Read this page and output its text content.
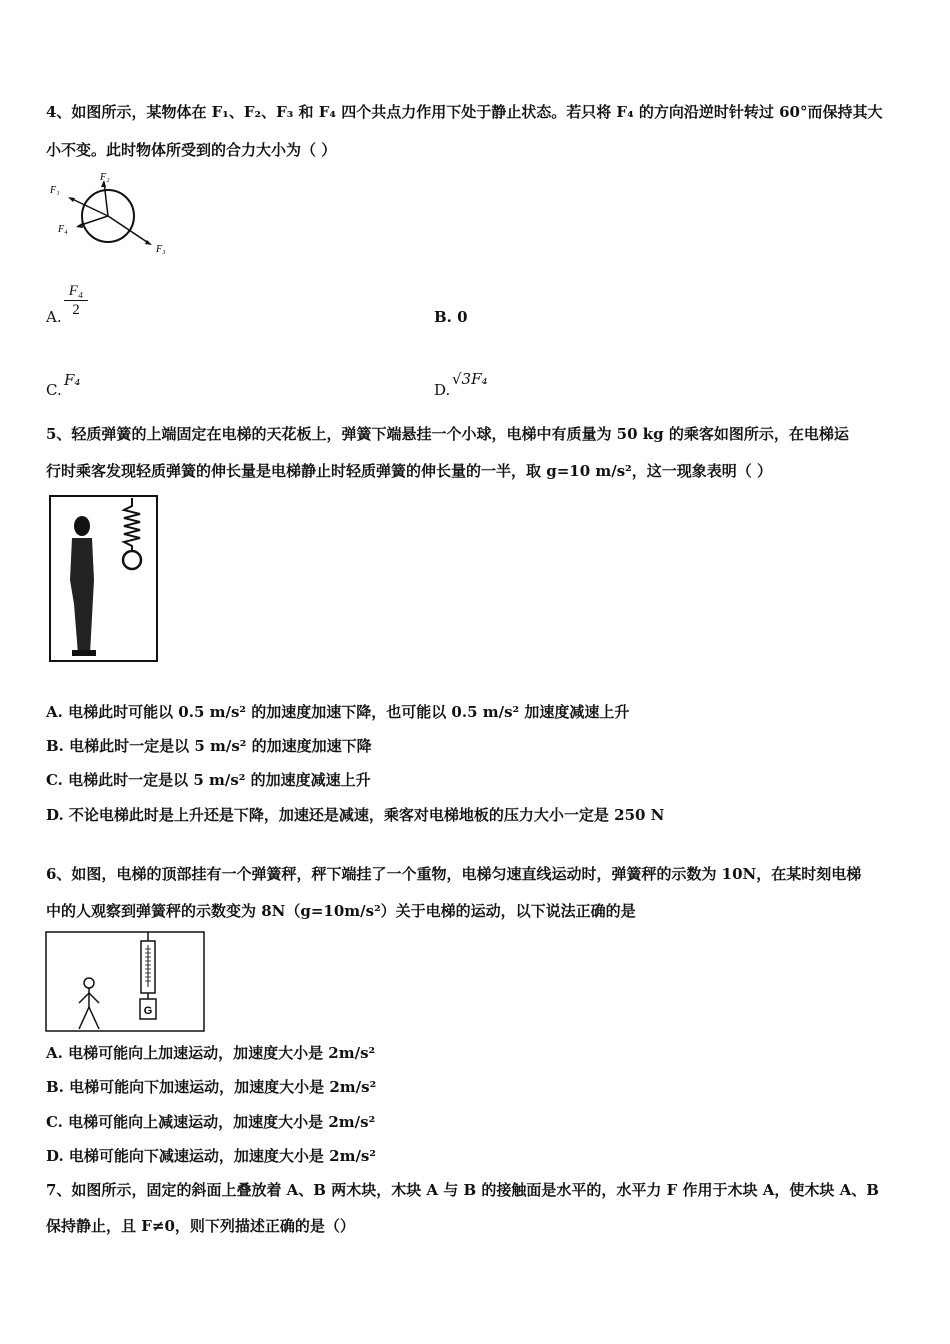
4、如图所示，某物体在 F₁、F₂、F₃ 和 F₄ 四个共点力作用下处于静止状态。若只将 F₄ 的方向沿逆时针转过 60°而保持其大
小不变。此时物体所受到的合力大小为（ ）
F₁
F₂
F₄
F₃
A. $\frac{\text{F₄}}{2}$	B. 0
C.
F₄
D.
√3F₄
5、轻质弹簧的上端固定在电梯的天花板上，弹簧下端悬挂一个小球，电梯中有质量为 50 kg 的乘客如图所示，在电梯运
行时乘客发现轻质弹簧的伸长量是电梯静止时轻质弹簧的伸长量的一半，取 g=10 m/s²，这一现象表明（ ）
A. 电梯此时可能以 0.5 m/s² 的加速度加速下降，也可能以 0.5 m/s² 加速度减速上升
B. 电梯此时一定是以 5 m/s² 的加速度加速下降
C. 电梯此时一定是以 5 m/s² 的加速度减速上升
D. 不论电梯此时是上升还是下降，加速还是减速，乘客对电梯地板的压力大小一定是 250 N
6、如图，电梯的顶部挂有一个弹簧秤，秤下端挂了一个重物，电梯匀速直线运动时，弹簧秤的示数为 10N，在某时刻电梯
中的人观察到弹簧秤的示数变为 8N（g=10m/s²）关于电梯的运动，以下说法正确的是
G
A. 电梯可能向上加速运动，加速度大小是 2m/s²
B. 电梯可能向下加速运动，加速度大小是 2m/s²
C. 电梯可能向上减速运动，加速度大小是 2m/s²
D. 电梯可能向下减速运动，加速度大小是 2m/s²
7、如图所示，固定的斜面上叠放着 A、B 两木块，木块 A 与 B 的接触面是水平的，水平力 F 作用于木块 A，使木块 A、B
保持静止，且 F≠0，则下列描述正确的是（）
